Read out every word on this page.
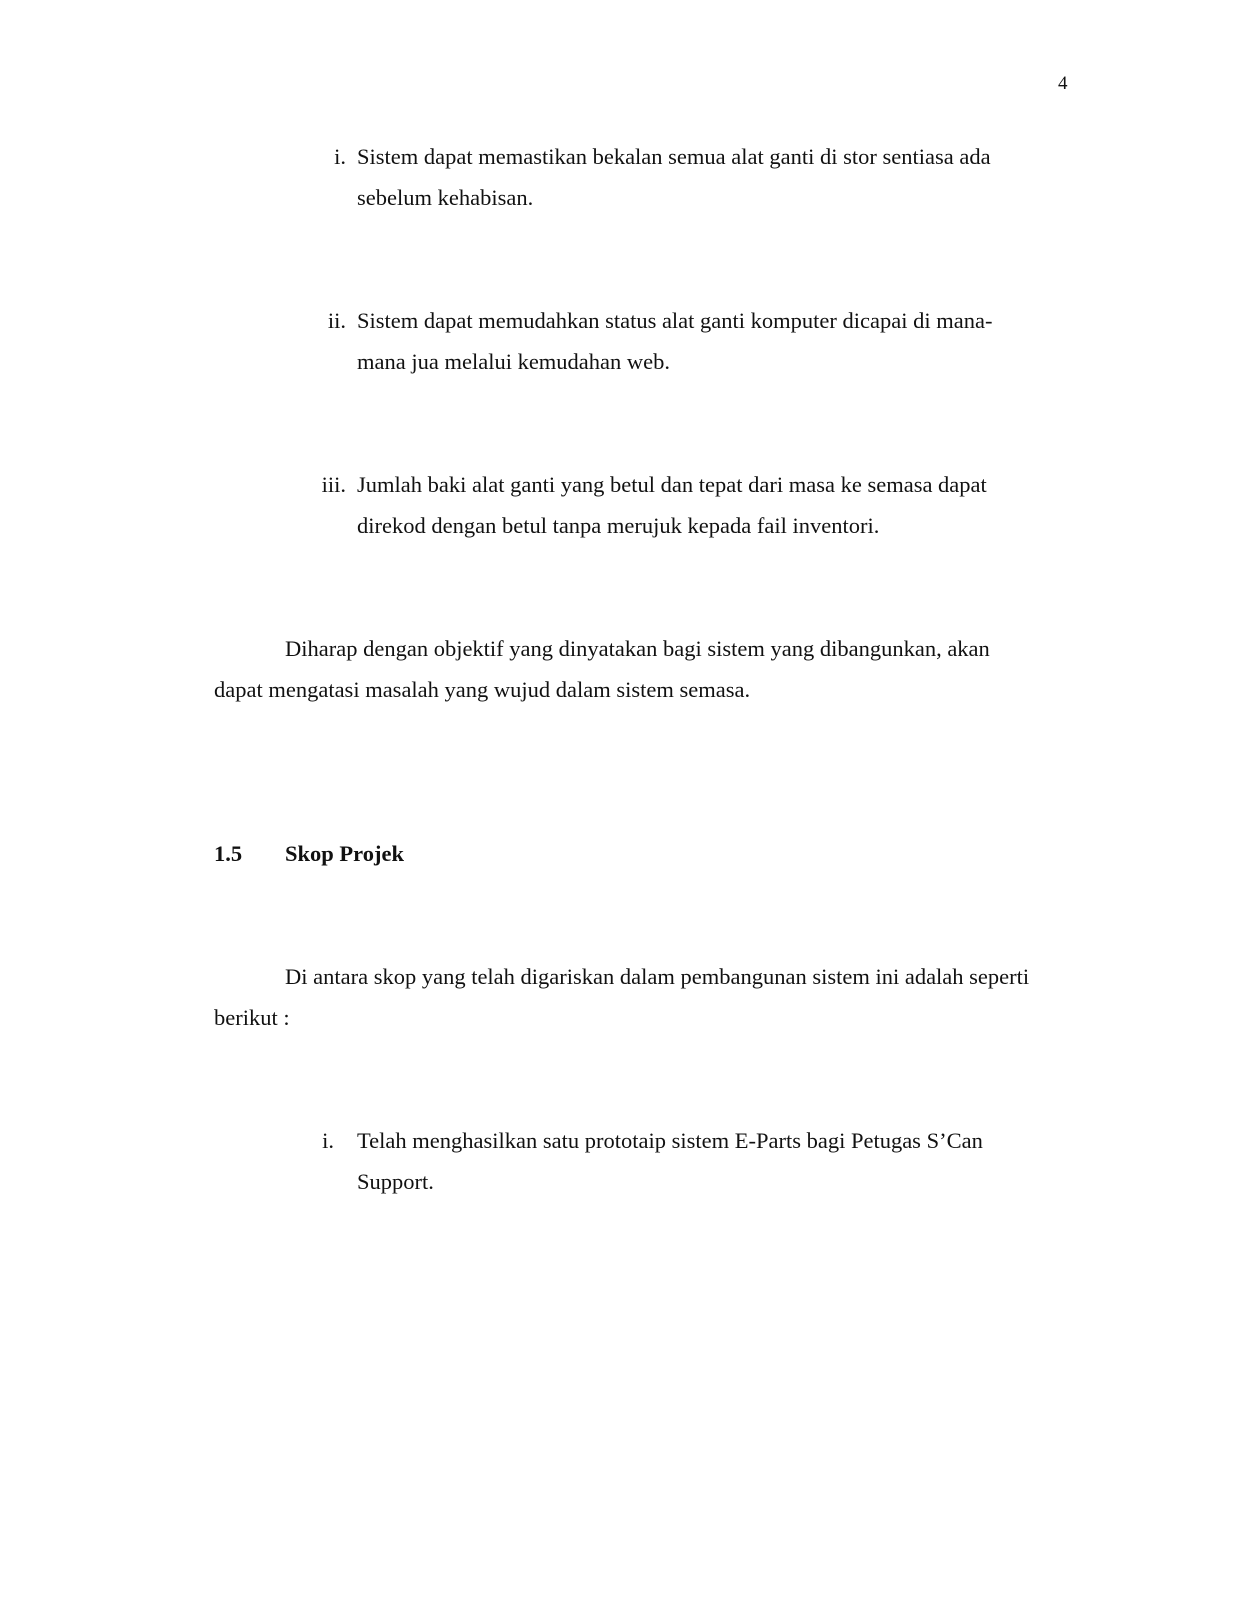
4
i. Sistem dapat memastikan bekalan semua alat ganti di stor sentiasa ada sebelum kehabisan.
ii. Sistem dapat memudahkan status alat ganti komputer dicapai di mana-mana jua melalui kemudahan web.
iii. Jumlah baki alat ganti yang betul dan tepat dari masa ke semasa dapat direkod dengan betul tanpa merujuk kepada fail inventori.
Diharap dengan objektif yang dinyatakan bagi sistem yang dibangunkan, akan dapat mengatasi masalah yang wujud dalam sistem semasa.
1.5 Skop Projek
Di antara skop yang telah digariskan dalam pembangunan sistem ini adalah seperti berikut :
i. Telah menghasilkan satu prototaip sistem E-Parts bagi Petugas S’Can Support.
